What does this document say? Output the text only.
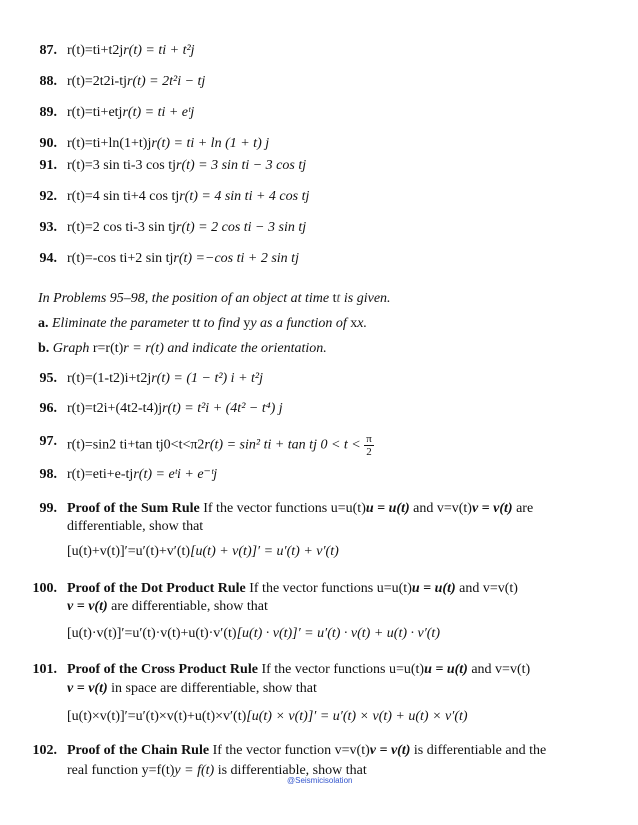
87. r(t)=ti+t2jr(t) = ti + t²j
88. r(t)=2t2i-tjr(t) = 2t²i − tj
89. r(t)=ti+etjr(t) = ti + eᵗj
90. r(t)=ti+ln(1+t)jr(t) = ti + ln (1 + t) j
91. r(t)=3 sin ti-3 cos tjr(t) = 3 sin ti − 3 cos tj
92. r(t)=4 sin ti+4 cos tjr(t) = 4 sin ti + 4 cos tj
93. r(t)=2 cos ti-3 sin tjr(t) = 2 cos ti − 3 sin tj
94. r(t)=-cos ti+2 sin tjr(t) =−cos ti + 2 sin tj
In Problems 95–98, the position of an object at time tt is given.
a. Eliminate the parameter tt to find yy as a function of xx.
b. Graph r=r(t)r = r(t) and indicate the orientation.
95. r(t)=(1-t2)i+t2jr(t) = (1 − t²) i + t²j
96. r(t)=t2i+(4t2-t4)jr(t) = t²i + (4t² − t⁴) j
97. r(t)=sin2 ti+tan tj0<t<π2r(t) = sin² ti + tan tj $0 < t < \frac{\pi}{2}$
98. r(t)=eti+e-tjr(t) = eᵗi + e⁻ᵗj
99. Proof of the Sum Rule If the vector functions u=u(t)u = u(t) and v=v(t)v = v(t) are
differentiable, show that
[u(t)+v(t)]′=u′(t)+v′(t)[u(t) + v(t)]′ = u′(t) + v′(t)
100. Proof of the Dot Product Rule If the vector functions u=u(t)u = u(t) and v=v(t)
v = v(t) are differentiable, show that
[u(t)·v(t)]′=u′(t)·v(t)+u(t)·v′(t)[u(t) · v(t)]′ = u′(t) · v(t) + u(t) · v′(t)
101. Proof of the Cross Product Rule If the vector functions u=u(t)u = u(t) and v=v(t)
v = v(t) in space are differentiable, show that
[u(t)×v(t)]′=u′(t)×v(t)+u(t)×v′(t)[u(t) × v(t)]′ = u′(t) × v(t) + u(t) × v′(t)
102. Proof of the Chain Rule If the vector function v=v(t)v = v(t) is differentiable and the
real function y=f(t)y = f(t) is differentiable, show that
@Seismicisolation
